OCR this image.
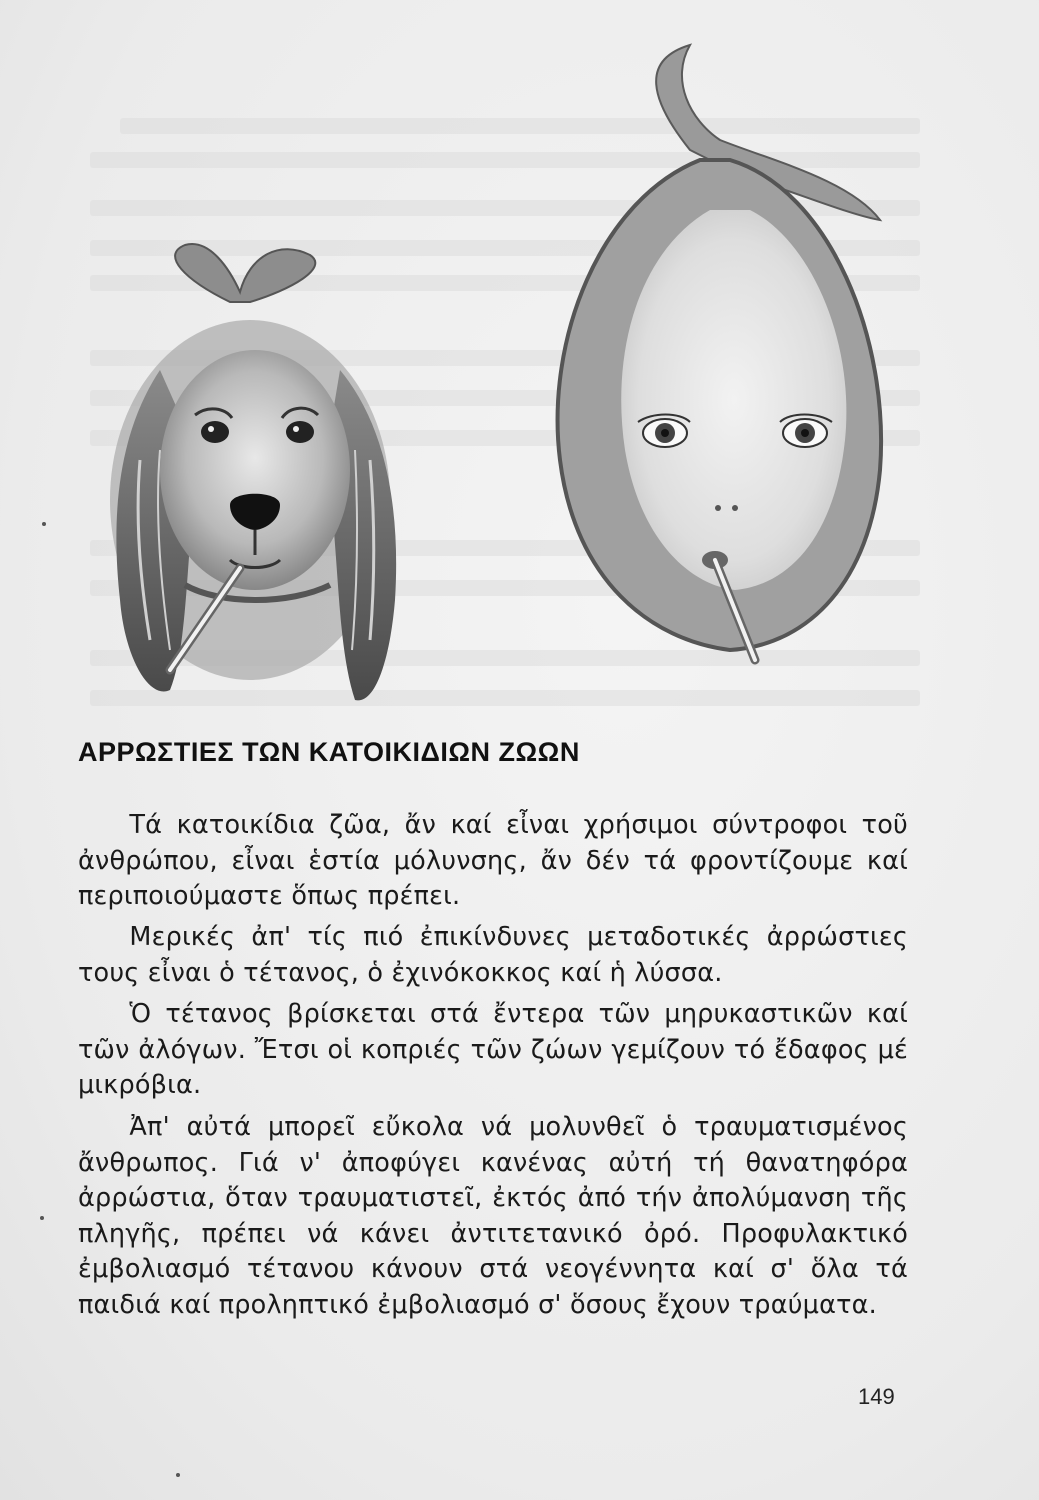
ΑΡΡΩΣΤΙΕΣ ΤΩΝ ΚΑΤΟΙΚΙΔΙΩΝ ΖΩΩΝ

  Τά κατοικίδια ζῶα, ἄν καί εἶναι χρήσιμοι σύντροφοι τοῦ ἀνθρώπου, εἶναι ἑστία μόλυνσης, ἄν δέν τά φροντίζουμε καί περιποιούμαστε ὅπως πρέπει.

  Μερικές ἀπ' τίς πιό ἐπικίνδυνες μεταδοτικές ἀρρώστιες τους εἶναι ὁ τέτανος, ὁ ἐχινόκοκκος καί ἡ λύσσα.

  Ὁ τέτανος βρίσκεται στά ἔντερα τῶν μηρυκαστικῶν καί τῶν ἀλόγων. Ἔτσι οἱ κοπριές τῶν ζώων γεμίζουν τό ἔδαφος μέ μικρόβια.

  Ἀπ' αὐτά μπορεῖ εὔκολα νά μολυνθεῖ ὁ τραυματισμένος ἄνθρωπος. Γιά ν' ἀποφύγει κανένας αὐτή τή θανατηφόρα ἀρρώστια, ὅταν τραυματιστεῖ, ἐκτός ἀπό τήν ἀπολύμανση τῆς πληγῆς, πρέπει νά κάνει ἀντιτετανικό ὀρό. Προφυλακτικό ἐμβολιασμό τέτανου κάνουν στά νεογέννητα καί σ' ὅλα τά παιδιά καί προληπτικό ἐμβολιασμό σ' ὅσους ἔχουν τραύματα.

149
